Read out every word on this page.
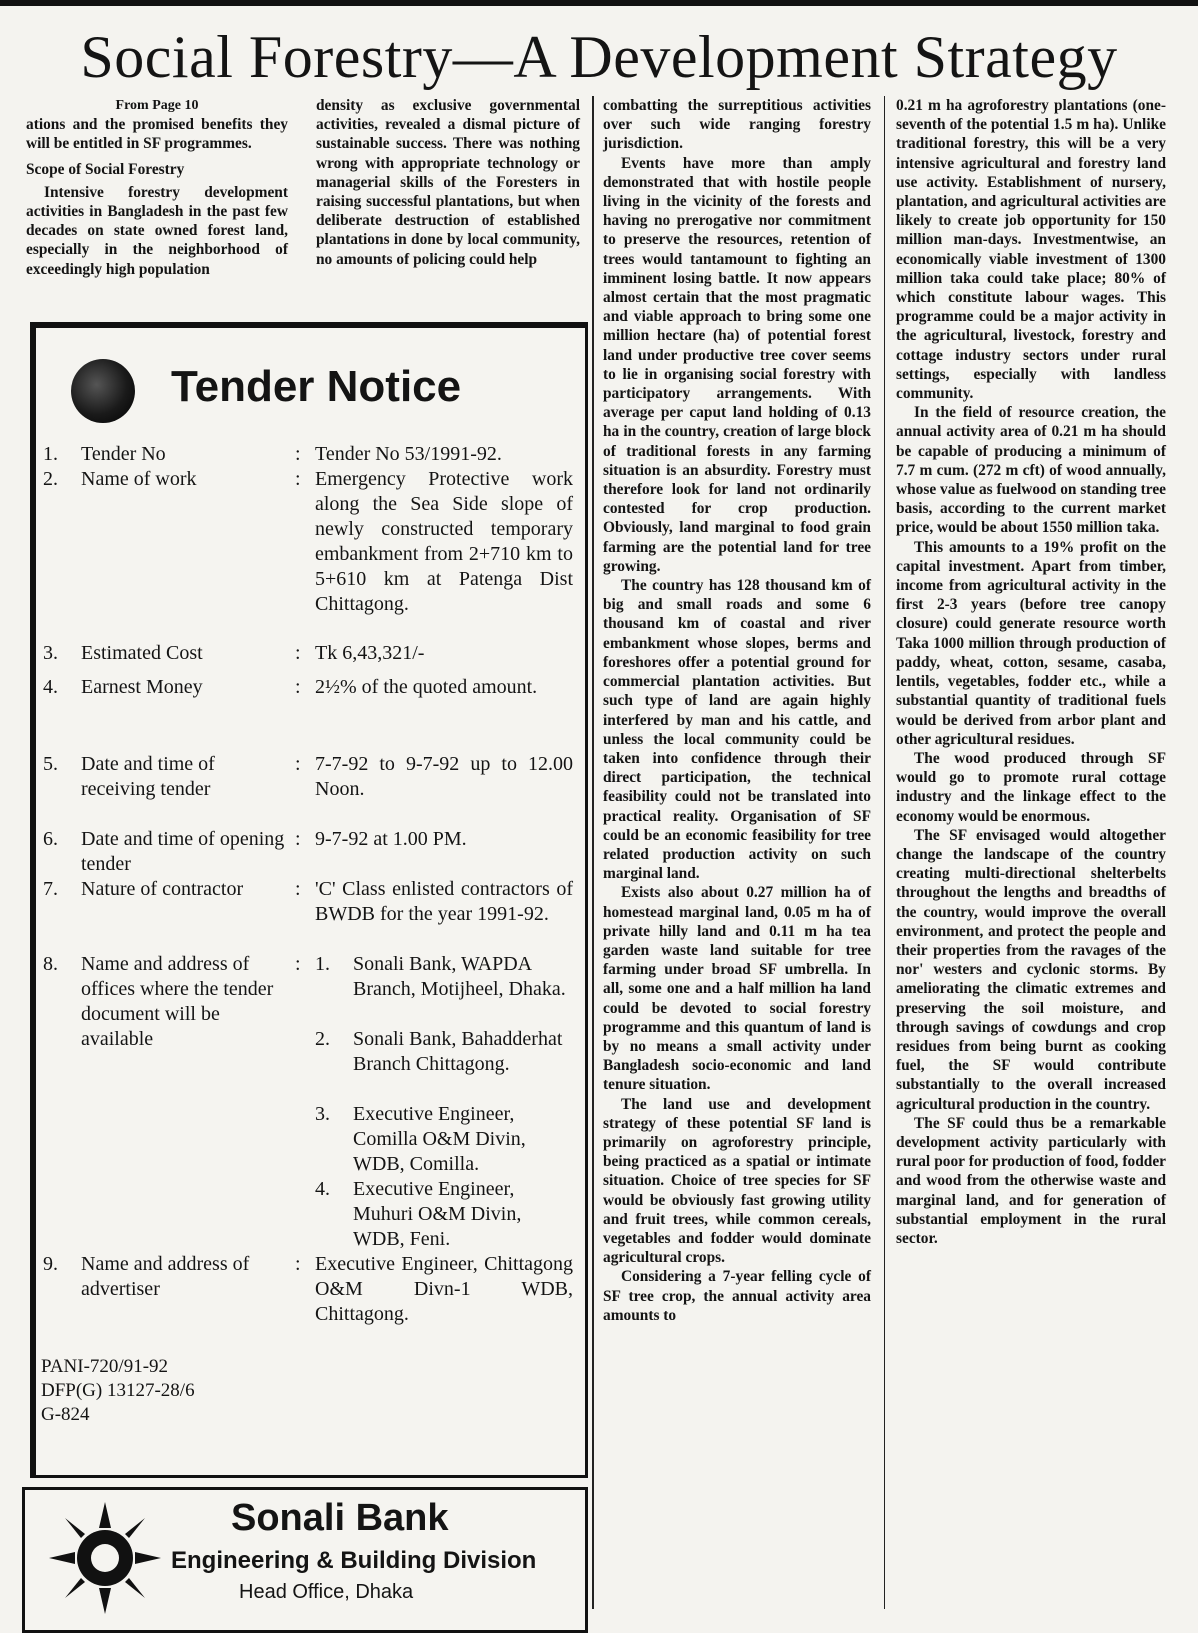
Social Forestry—A Development Strategy

From Page 10

ations and the promised benefits they will be entitled in SF programmes.

Scope of Social Forestry

Intensive forestry development activities in Bangladesh in the past few decades on state owned forest land, especially in the neighborhood of exceedingly high population

density as exclusive governmental activities, revealed a dismal picture of sustainable success. There was nothing wrong with appropriate technology or managerial skills of the Foresters in raising successful plantations, but when deliberate destruction of established plantations in done by local community, no amounts of policing could help

combatting the surreptitious activities over such wide ranging forestry jurisdiction.

Events have more than amply demonstrated that with hostile people living in the vicinity of the forests and having no prerogative nor commitment to preserve the resources, retention of trees would tantamount to fighting an imminent losing battle. It now appears almost certain that the most pragmatic and viable approach to bring some one million hectare (ha) of potential forest land under productive tree cover seems to lie in organising social forestry with participatory arrangements. With average per caput land holding of 0.13 ha in the country, creation of large block of traditional forests in any farming situation is an absurdity. Forestry must therefore look for land not ordinarily contested for crop production. Obviously, land marginal to food grain farming are the potential land for tree growing.

The country has 128 thousand km of big and small roads and some 6 thousand km of coastal and river embankment whose slopes, berms and foreshores offer a potential ground for commercial plantation activities. But such type of land are again highly interfered by man and his cattle, and unless the local community could be taken into confidence through their direct participation, the technical feasibility could not be translated into practical reality. Organisation of SF could be an economic feasibility for tree related production activity on such marginal land.

Exists also about 0.27 million ha of homestead marginal land, 0.05 m ha of private hilly land and 0.11 m ha tea garden waste land suitable for tree farming under broad SF umbrella. In all, some one and a half million ha land could be devoted to social forestry programme and this quantum of land is by no means a small activity under Bangladesh socio-economic and land tenure situation.

The land use and development strategy of these potential SF land is primarily on agroforestry principle, being practiced as a spatial or intimate situation. Choice of tree species for SF would be obviously fast growing utility and fruit trees, while common cereals, vegetables and fodder would dominate agricultural crops.

Considering a 7-year felling cycle of SF tree crop, the annual activity area amounts to

0.21 m ha agroforestry plantations (one-seventh of the potential 1.5 m ha). Unlike traditional forestry, this will be a very intensive agricultural and forestry land use activity. Establishment of nursery, plantation, and agricultural activities are likely to create job opportunity for 150 million man-days. Investmentwise, an economically viable investment of 1300 million taka could take place; 80% of which constitute labour wages. This programme could be a major activity in the agricultural, livestock, forestry and cottage industry sectors under rural settings, especially with landless community.

In the field of resource creation, the annual activity area of 0.21 m ha should be capable of producing a minimum of 7.7 m cum. (272 m cft) of wood annually, whose value as fuelwood on standing tree basis, according to the current market price, would be about 1550 million taka.

This amounts to a 19% profit on the capital investment. Apart from timber, income from agricultural activity in the first 2-3 years (before tree canopy closure) could generate resource worth Taka 1000 million through production of paddy, wheat, cotton, sesame, casaba, lentils, vegetables, fodder etc., while a substantial quantity of traditional fuels would be derived from arbor plant and other agricultural residues.

The wood produced through SF would go to promote rural cottage industry and the linkage effect to the economy would be enormous.

The SF envisaged would altogether change the landscape of the country creating multi-directional shelterbelts throughout the lengths and breadths of the country, would improve the overall environment, and protect the people and their properties from the ravages of the nor' westers and cyclonic storms. By ameliorating the climatic extremes and preserving the soil moisture, and through savings of cowdungs and crop residues from being burnt as cooking fuel, the SF would contribute substantially to the overall increased agricultural production in the country.

The SF could thus be a remarkable development activity particularly with rural poor for production of food, fodder and wood from the otherwise waste and marginal land, and for generation of substantial employment in the rural sector.

Tender Notice
1.	Tender No	: Tender No 53/1991-92.
2.	Name of work	: Emergency Protective work along the Sea Side slope of newly constructed temporary embankment from 2+710 km to 5+610 km at Patenga Dist Chittagong.
3.	Estimated Cost	: Tk 6,43,321/-
4.	Earnest Money	: 2½% of the quoted amount.
5.	Date and time of receiving tender
: 7-7-92 to 9-7-92 up to 12.00 Noon.
6.	Date and time of opening tender
: 9-7-92 at 1.00 PM.
7.	Nature of contractor	: 'C' Class enlisted contractors of BWDB for the year 1991-92.
8.	Name and address of offices where the tender document will be available
: 1. Sonali Bank, WAPDA Branch, Motijheel, Dhaka.
2. Sonali Bank, Bahadderhat Branch Chittagong.
3. Executive Engineer, Comilla O&M Divin, WDB, Comilla.
4. Executive Engineer, Muhuri O&M Divin, WDB, Feni.
9.	Name and address of advertiser
: Executive Engineer, Chittagong O&M Divn-1 WDB, Chittagong.
PANI-720/91-92
DFP(G) 13127-28/6
G-824
Sonali Bank
Engineering & Building Division
Head Office, Dhaka
